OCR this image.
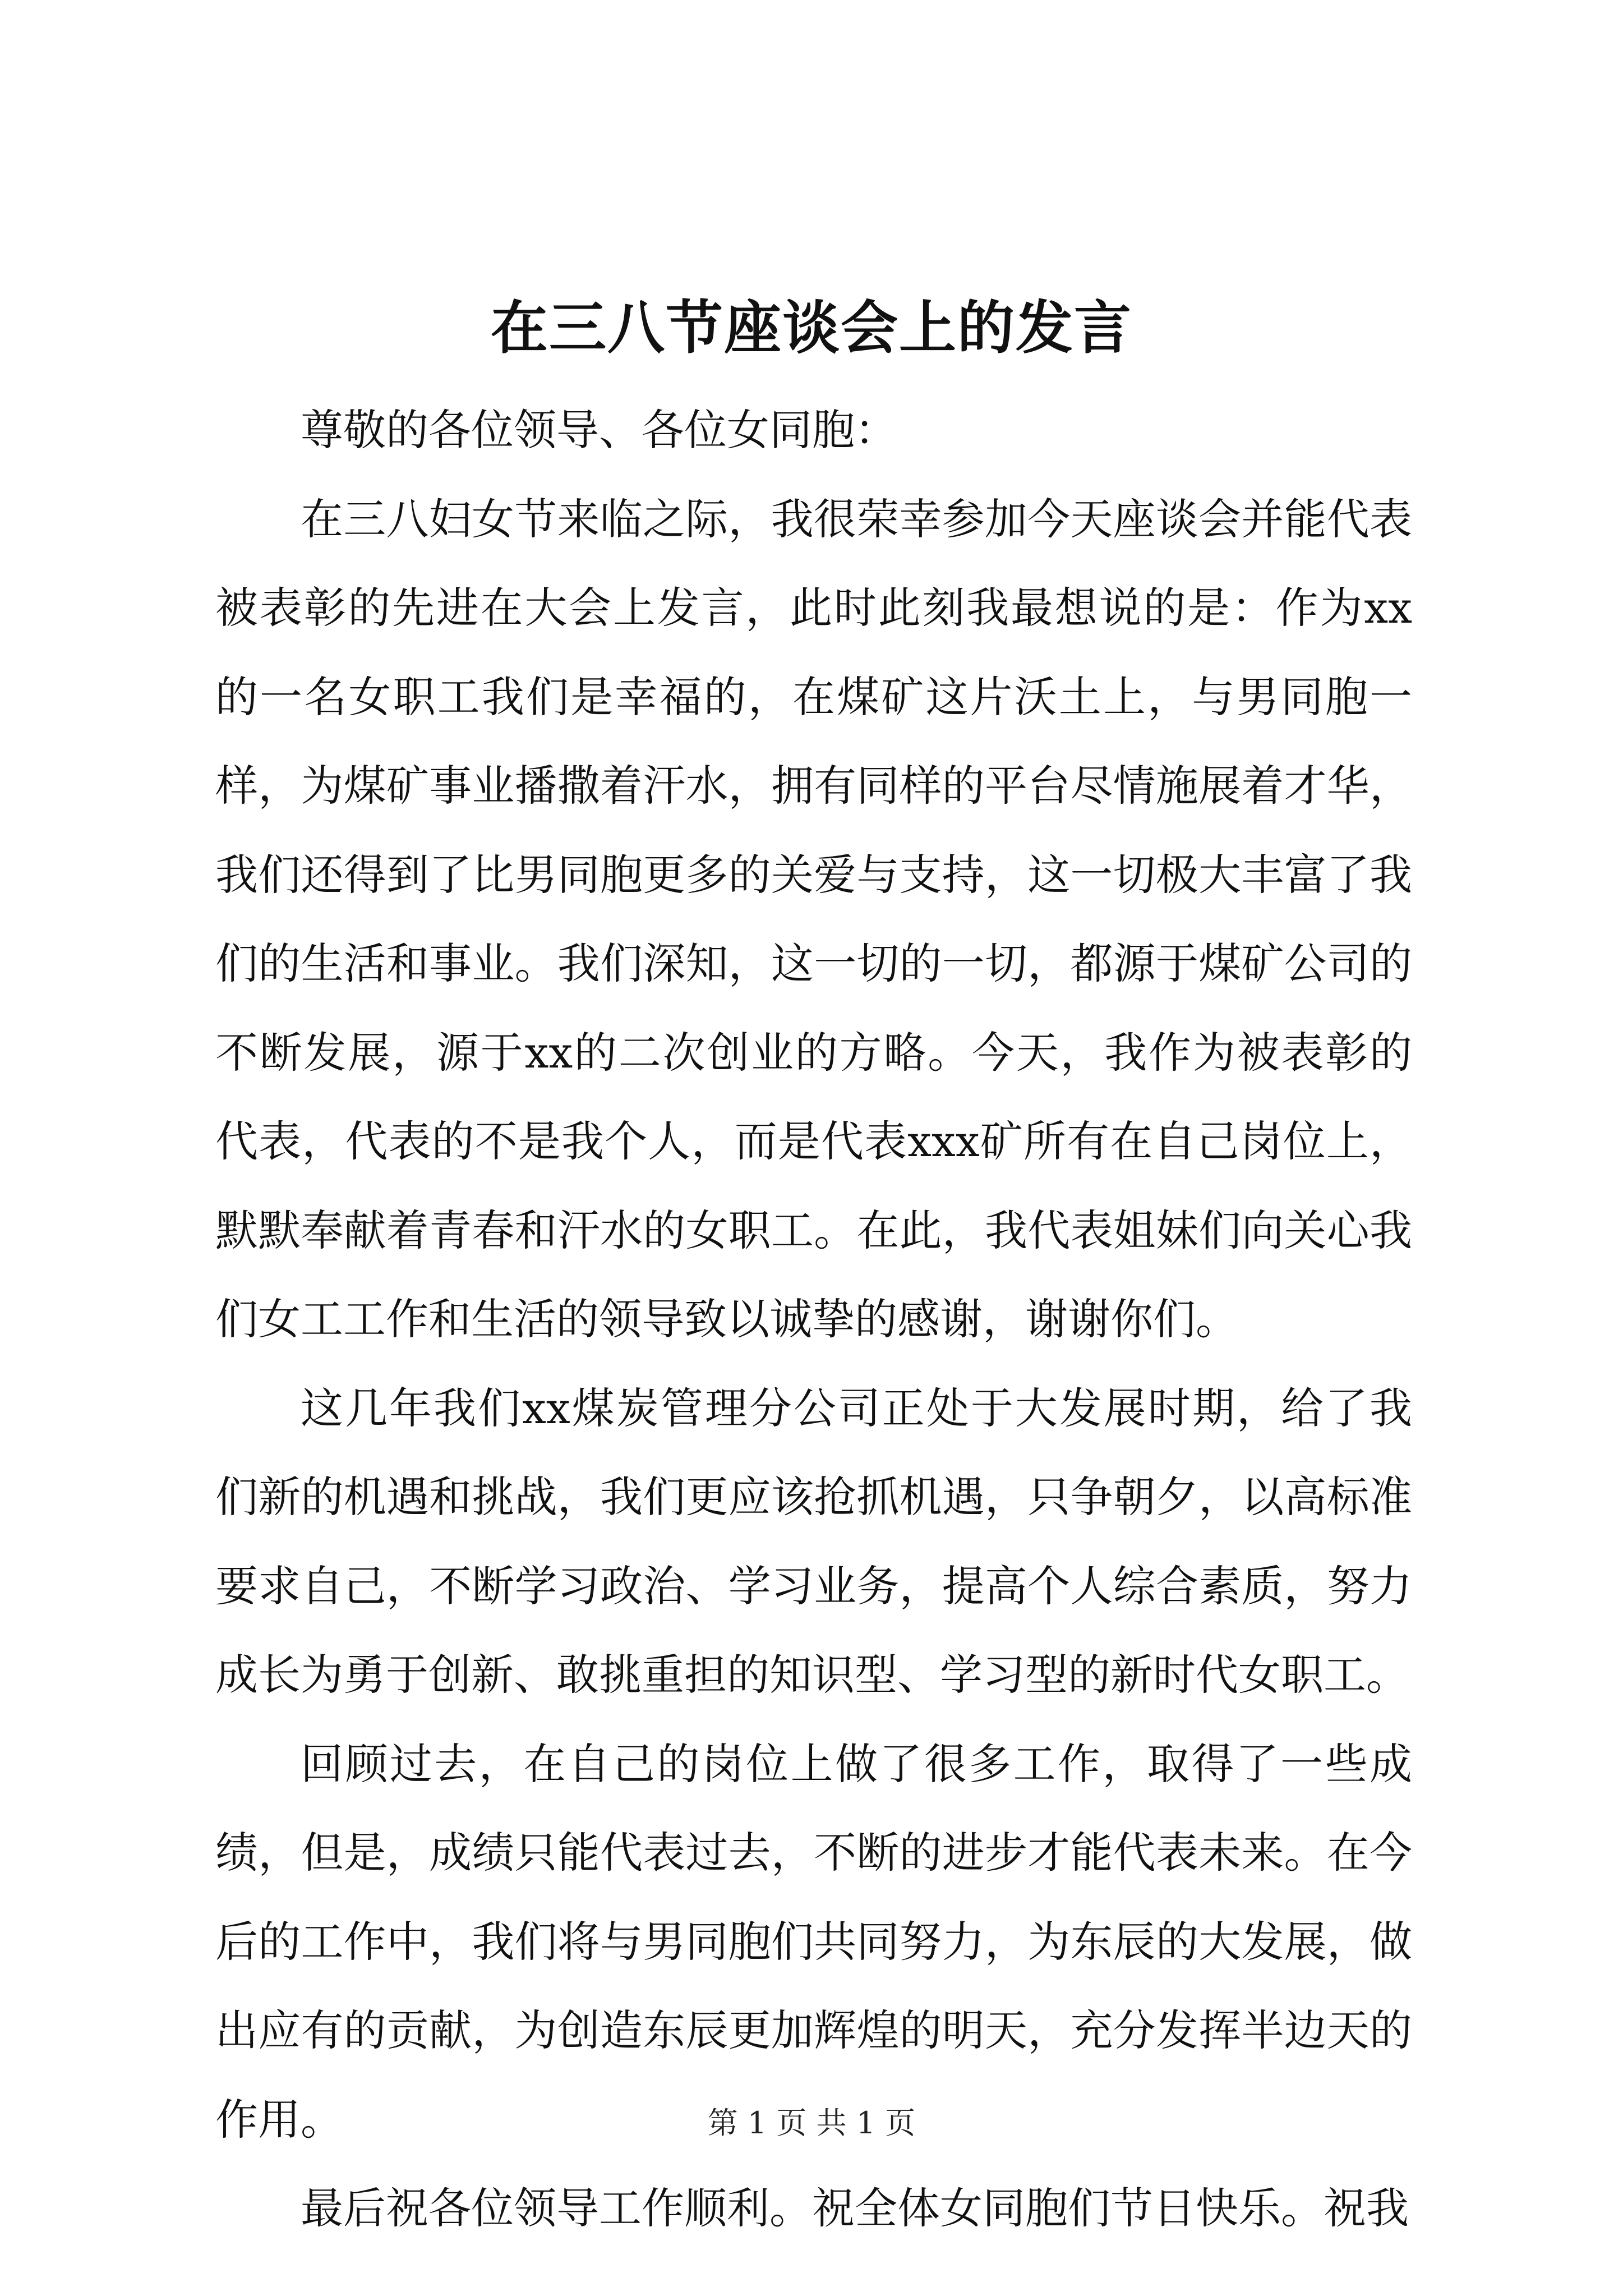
在三八节座谈会上的发言

尊敬的各位领导、各位女同胞：

在三八妇女节来临之际，我很荣幸参加今天座谈会并能代表被表彰的先进在大会上发言，此时此刻我最想说的是：作为xx的一名女职工我们是幸福的，在煤矿这片沃土上，与男同胞一样，为煤矿事业播撒着汗水，拥有同样的平台尽情施展着才华，我们还得到了比男同胞更多的关爱与支持，这一切极大丰富了我们的生活和事业。我们深知，这一切的一切，都源于煤矿公司的不断发展，源于xx的二次创业的方略。今天，我作为被表彰的代表，代表的不是我个人，而是代表xxx矿所有在自己岗位上，默默奉献着青春和汗水的女职工。在此，我代表姐妹们向关心我们女工工作和生活的领导致以诚挚的感谢，谢谢你们。

这几年我们xx煤炭管理分公司正处于大发展时期，给了我们新的机遇和挑战，我们更应该抢抓机遇，只争朝夕，以高标准要求自己，不断学习政治、学习业务，提高个人综合素质，努力成长为勇于创新、敢挑重担的知识型、学习型的新时代女职工。

回顾过去，在自己的岗位上做了很多工作，取得了一些成绩，但是，成绩只能代表过去，不断的进步才能代表未来。在今后的工作中，我们将与男同胞们共同努力，为东辰的大发展，做出应有的贡献，为创造东辰更加辉煌的明天，充分发挥半边天的作用。

最后祝各位领导工作顺利。祝全体女同胞们节日快乐。祝我

第 1 页 共 1 页
